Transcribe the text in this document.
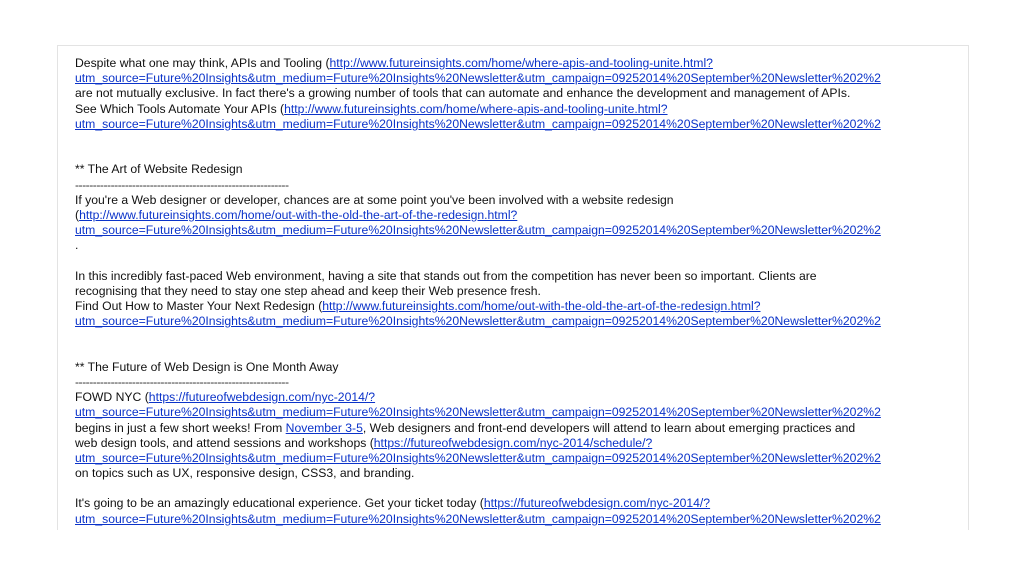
Despite what one may think, APIs and Tooling (http://www.futureinsights.com/home/where-apis-and-tooling-unite.html?
utm_source=Future%20Insights&utm_medium=Future%20Insights%20Newsletter&utm_campaign=09252014%20September%20Newsletter%202%2
are not mutually exclusive. In fact there's a growing number of tools that can automate and enhance the development and management of APIs.
See Which Tools Automate Your APIs (http://www.futureinsights.com/home/where-apis-and-tooling-unite.html?
utm_source=Future%20Insights&utm_medium=Future%20Insights%20Newsletter&utm_campaign=09252014%20September%20Newsletter%202%2
** The Art of Website Redesign
------------------------------------------------------------
If you're a Web designer or developer, chances are at some point you've been involved with a website redesign
(http://www.futureinsights.com/home/out-with-the-old-the-art-of-the-redesign.html?
utm_source=Future%20Insights&utm_medium=Future%20Insights%20Newsletter&utm_campaign=09252014%20September%20Newsletter%202%2
.
In this incredibly fast-paced Web environment, having a site that stands out from the competition has never been so important. Clients are
recognising that they need to stay one step ahead and keep their Web presence fresh.
Find Out How to Master Your Next Redesign (http://www.futureinsights.com/home/out-with-the-old-the-art-of-the-redesign.html?
utm_source=Future%20Insights&utm_medium=Future%20Insights%20Newsletter&utm_campaign=09252014%20September%20Newsletter%202%2
** The Future of Web Design is One Month Away
------------------------------------------------------------
FOWD NYC (https://futureofwebdesign.com/nyc-2014/?
utm_source=Future%20Insights&utm_medium=Future%20Insights%20Newsletter&utm_campaign=09252014%20September%20Newsletter%202%2
begins in just a few short weeks! From November 3-5, Web designers and front-end developers will attend to learn about emerging practices and
web design tools, and attend sessions and workshops (https://futureofwebdesign.com/nyc-2014/schedule/?
utm_source=Future%20Insights&utm_medium=Future%20Insights%20Newsletter&utm_campaign=09252014%20September%20Newsletter%202%2
on topics such as UX, responsive design, CSS3, and branding.
It's going to be an amazingly educational experience. Get your ticket today (https://futureofwebdesign.com/nyc-2014/?
utm_source=Future%20Insights&utm_medium=Future%20Insights%20Newsletter&utm_campaign=09252014%20September%20Newsletter%202%2
